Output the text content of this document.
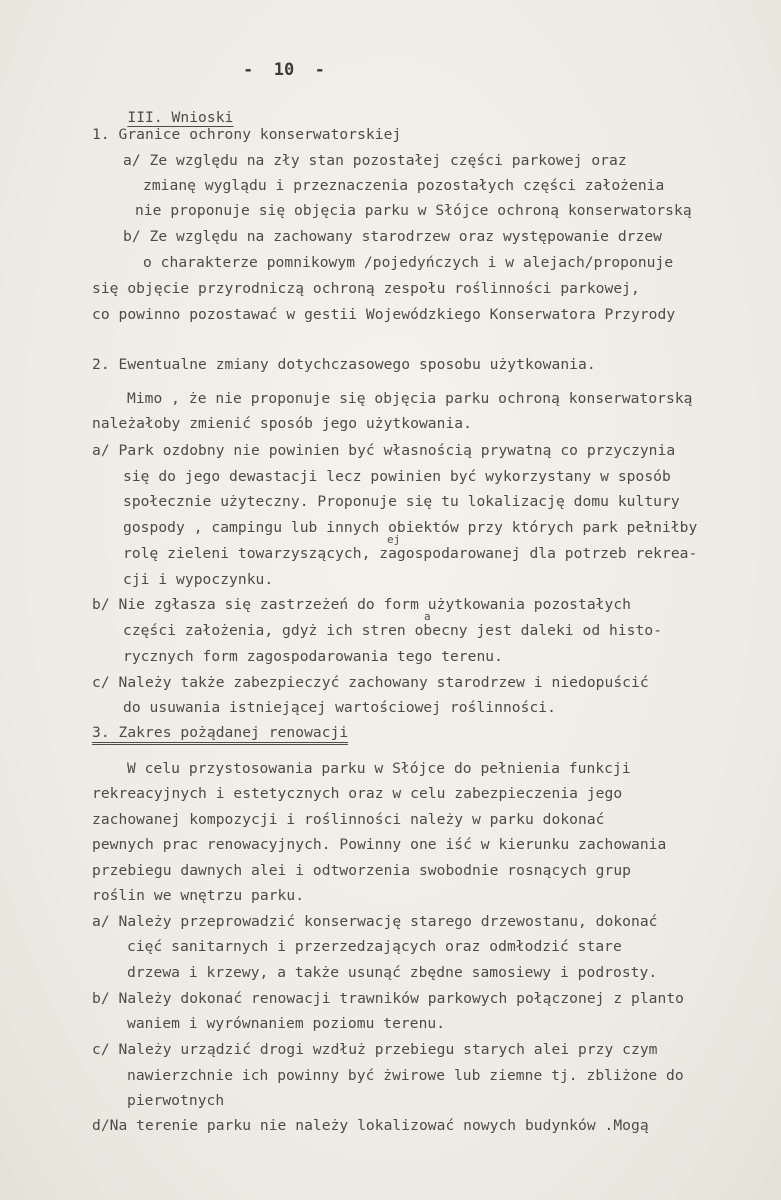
-  10  -

III. Wnioski

1. Granice ochrony konserwatorskiej
a/ Ze względu na zły stan pozostałej części parkowej oraz
zmianę wyglądu i przeznaczenia pozostałych części założenia
nie proponuje się objęcia parku w Słójce ochroną konserwatorską
b/ Ze względu na zachowany starodrzew oraz występowanie drzew
o charakterze pomnikowym /pojedyńczych i w alejach/proponuje
się objęcie przyrodniczą ochroną zespołu roślinności parkowej,
co powinno pozostawać w gestii Wojewódzkiego Konserwatora Przyrody
2. Ewentualne zmiany dotychczasowego sposobu użytkowania.
Mimo , że nie proponuje się objęcia parku ochroną konserwatorską
należałoby zmienić sposób jego użytkowania.
a/ Park ozdobny nie powinien być własnością prywatną co przyczynia
się do jego dewastacji lecz powinien być wykorzystany w sposób
społecznie użyteczny. Proponuje się tu lokalizację domu kultury
gospody , campingu lub innych obiektów przy których park pełniłby
rolę zieleni towarzyszących, zagospodarowanej dla potrzeb rekrea-
cji i wypoczynku.
b/ Nie zgłasza się zastrzeżeń do form użytkowania pozostałych
części założenia, gdyż ich stren obecny jest daleki od histo-
rycznych form zagospodarowania tego terenu.
c/ Należy także zabezpieczyć zachowany starodrzew i niedopuścić
do usuwania istniejącej wartościowej roślinności.
3. Zakres pożądanej renowacji
W celu przystosowania parku w Słójce do pełnienia funkcji
rekreacyjnych i estetycznych oraz w celu zabezpieczenia jego
zachowanej kompozycji i roślinności należy w parku dokonać
pewnych prac renowacyjnych. Powinny one iść w kierunku zachowania
przebiegu dawnych alei i odtworzenia swobodnie rosnących grup
roślin we wnętrzu parku.
a/ Należy przeprowadzić konserwację starego drzewostanu, dokonać
cięć sanitarnych i przerzedzających oraz odmłodzić stare
drzewa i krzewy, a także usunąć zbędne samosiewy i podrosty.
b/ Należy dokonać renowacji trawników parkowych połączonej z planto
waniem i wyrównaniem poziomu terenu.
c/ Należy urządzić drogi wzdłuż przebiegu starych alei przy czym
nawierzchnie ich powinny być żwirowe lub ziemne tj. zbliżone do
pierwotnych
d/Na terenie parku nie należy lokalizować nowych budynków .Mogą
ej
a
